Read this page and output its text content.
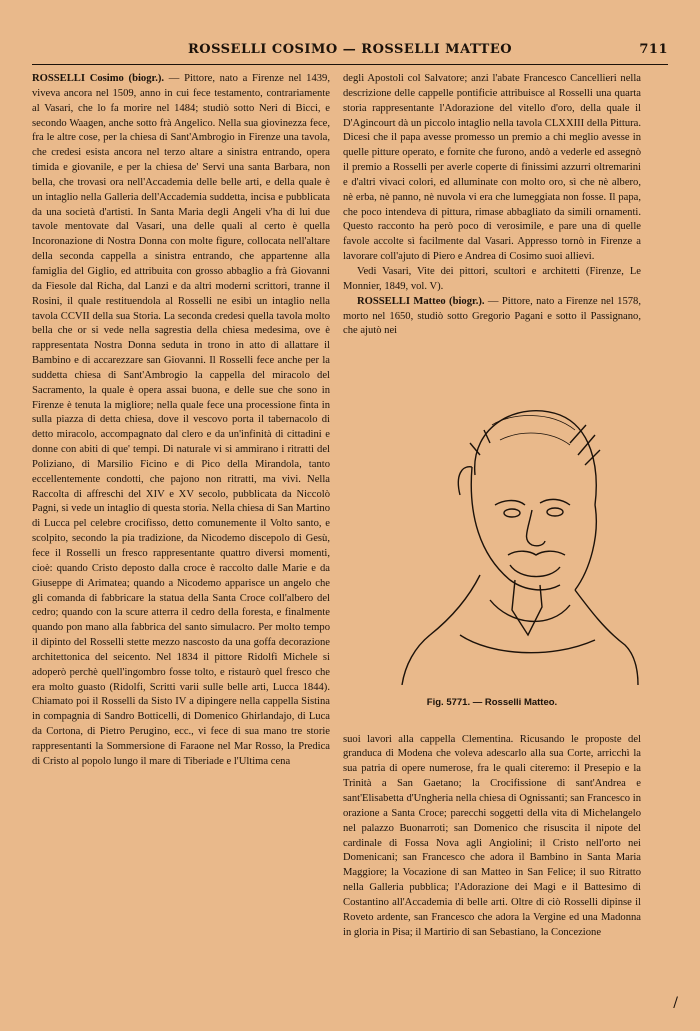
ROSSELLI COSIMO — ROSSELLI MATTEO	711

ROSSELLI Cosimo (biogr.). — Pittore, nato a Firenze nel 1439, viveva ancora nel 1509, anno in cui fece testamento, contrariamente al Vasari, che lo fa morire nel 1484; studiò sotto Neri di Bicci, e secondo Waagen, anche sotto frà Angelico. Nella sua giovinezza fece, fra le altre cose, per la chiesa di Sant'Ambrogio in Firenze una tavola, che credesi esista ancora nel terzo altare a sinistra entrando, opera timida e giovanile, e per la chiesa de' Servi una santa Barbara, non bella, che trovasi ora nell'Accademia delle belle arti, e della quale è un intaglio nella Galleria dell'Accademia suddetta, incisa e pubblicata da una società d'artisti. In Santa Maria degli Angeli v'ha di lui due tavole mentovate dal Vasari, una delle quali al certo è quella Incoronazione di Nostra Donna con molte figure, collocata nell'altare della seconda cappella a sinistra entrando, che appartenne alla famiglia del Giglio, ed attribuita con grosso abbaglio a frà Giovanni da Fiesole dal Richa, dal Lanzi e da altri moderni scrittori, tranne il Rosini, il quale restituendola al Rosselli ne esibì un intaglio nella tavola CCVII della sua Storia. La seconda credesi quella tavola molto bella che or si vede nella sagrestia della chiesa medesima, ove è rappresentata Nostra Donna seduta in trono in atto di allattare il Bambino e di accarezzare san Giovanni. Il Rosselli fece anche per la suddetta chiesa di Sant'Ambrogio la cappella del miracolo del Sacramento, la quale è opera assai buona, e delle sue che sono in Firenze è tenuta la migliore; nella quale fece una processione finta in sulla piazza di detta chiesa, dove il vescovo porta il tabernacolo di detto miracolo, accompagnato dal clero e da un'infinità di cittadini e donne con abiti di que' tempi. Di naturale vi si ammirano i ritratti del Poliziano, di Marsilio Ficino e di Pico della Mirandola, tanto eccellentemente condotti, che pajono non ritratti, ma vivi. Nella Raccolta di affreschi del XIV e XV secolo, pubblicata da Niccolò Pagni, si vede un intaglio di questa storia. Nella chiesa di San Martino di Lucca pel celebre crocifisso, detto comunemente il Volto santo, e scolpito, secondo la pia tradizione, da Nicodemo discepolo di Gesù, fece il Rosselli un fresco rappresentante quattro diversi momenti, cioè: quando Cristo deposto dalla croce è raccolto dalle Marie e da Giuseppe di Arimatea; quando a Nicodemo apparisce un angelo che gli comanda di fabbricare la statua della Santa Croce coll'albero del cedro; quando con la scure atterra il cedro della foresta, e finalmente quando pon mano alla fabbrica del santo simulacro. Per molto tempo il dipinto del Rosselli stette mezzo nascosto da una goffa decorazione architettonica del seicento. Nel 1834 il pittore Ridolfi Michele si adoperò perchè quell'ingombro fosse tolto, e ristaurò quel fresco che era molto guasto (Ridolfi, Scritti varii sulle belle arti, Lucca 1844). Chiamato poi il Rosselli da Sisto IV a dipingere nella cappella Sistina in compagnia di Sandro Botticelli, di Domenico Ghirlandajo, di Luca da Cortona, di Pietro Perugino, ecc., vi fece di sua mano tre storie rappresentanti la Sommersione di Faraone nel Mar Rosso, la Predica di Cristo al popolo lungo il mare di Tiberiade e l'Ultima cena

degli Apostoli col Salvatore; anzi l'abate Francesco Cancellieri nella descrizione delle cappelle pontificie attribuisce al Rosselli una quarta storia rappresentante l'Adorazione del vitello d'oro, della quale il D'Agincourt dà un piccolo intaglio nella tavola CLXXIII della Pittura. Dicesi che il papa avesse promesso un premio a chi meglio avesse in quelle pitture operato, e fornite che furono, andò a vederle ed assegnò il premio a Rosselli per averle coperte di finissimi azzurri oltremarini e d'altri vivaci colori, ed alluminate con molto oro, sì che nè albero, nè erba, nè panno, nè nuvola vi era che lumeggiata non fosse. Il papa, che poco intendeva di pittura, rimase abbagliato da simili ornamenti. Questo racconto ha però poco di verosimile, e pare una di quelle favole accolte sì facilmente dal Vasari. Appresso tornò in Firenze a lavorare coll'ajuto di Piero e Andrea di Cosimo suoi allievi.

Vedi Vasari, Vite dei pittori, scultori e architetti (Firenze, Le Monnier, 1849, vol. V).

ROSSELLI Matteo (biogr.). — Pittore, nato a Firenze nel 1578, morto nel 1650, studiò sotto Gregorio Pagani e sotto il Passignano, che ajutò nei

Fig. 5771. — Rosselli Matteo.

suoi lavori alla cappella Clementina. Ricusando le proposte del granduca di Modena che voleva adescarlo alla sua Corte, arricchì la sua patria di opere numerose, fra le quali citeremo: il Presepio e la Trinità a San Gaetano; la Crocifissione di sant'Andrea e sant'Elisabetta d'Ungheria nella chiesa di Ognissanti; san Francesco in orazione a Santa Croce; parecchi soggetti della vita di Michelangelo nel palazzo Buonarroti; san Domenico che risuscita il nipote del cardinale di Fossa Nova agli Angiolini; il Cristo nell'orto nei Domenicani; san Francesco che adora il Bambino in Santa Maria Maggiore; la Vocazione di san Matteo in San Felice; il suo Ritratto nella Galleria pubblica; l'Adorazione dei Magi e il Battesimo di Costantino all'Accademia di belle arti. Oltre di ciò Rosselli dipinse il Roveto ardente, san Francesco che adora la Vergine ed una Madonna in gloria in Pisa; il Martirio di san Sebastiano, la Concezione

/
